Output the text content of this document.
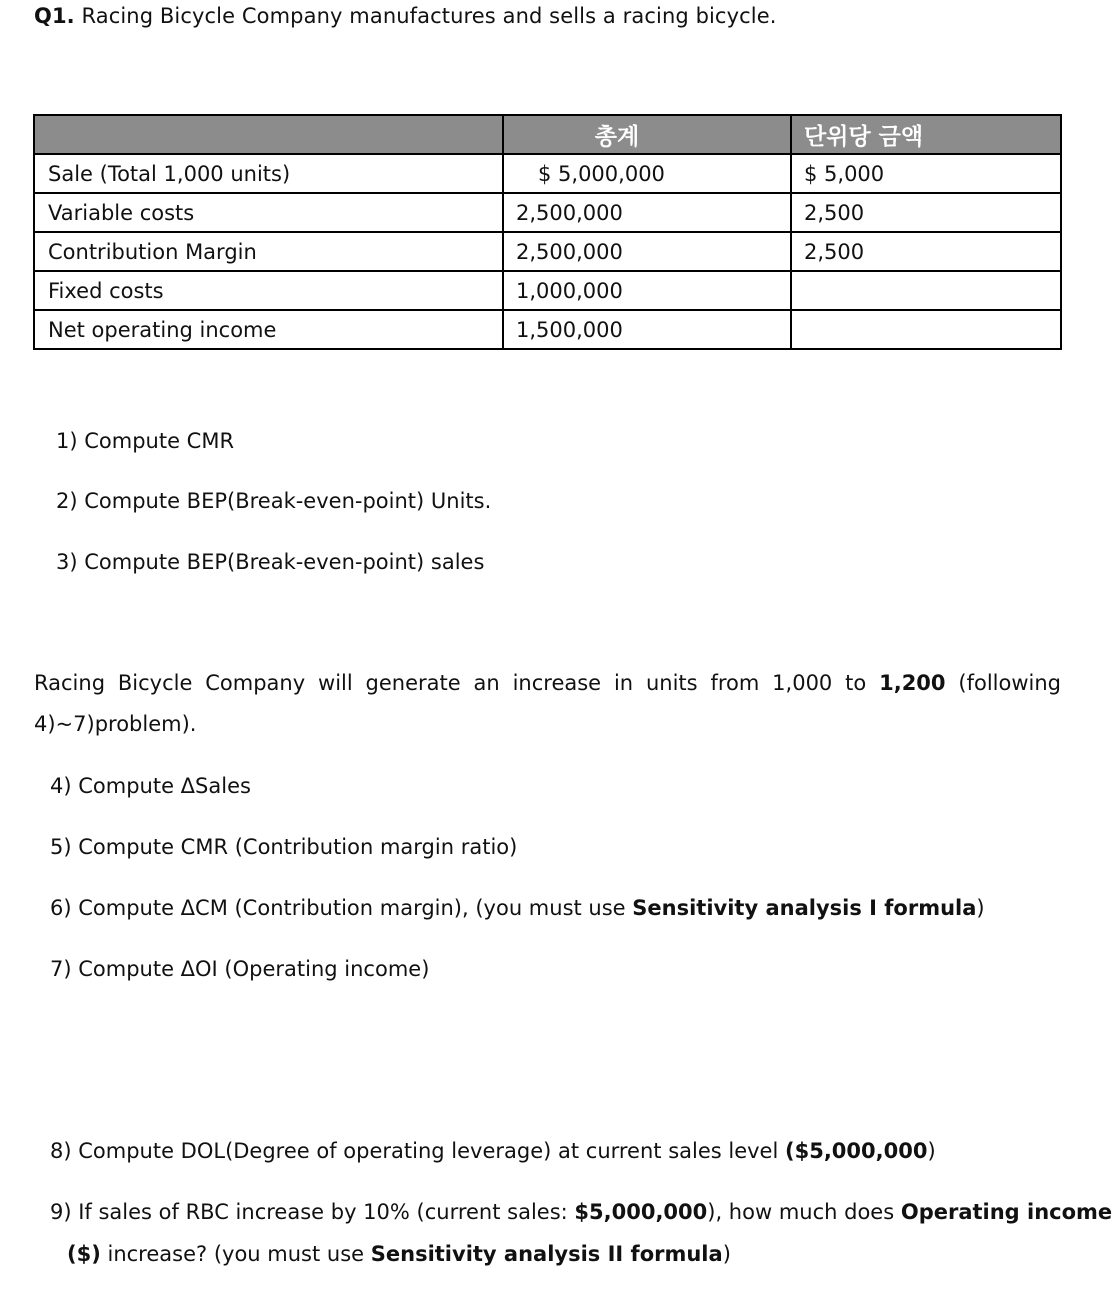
Q1. Racing Bicycle Company manufactures and sells a racing bicycle.
	총계	단위당 금액
Sale (Total 1,000 units)	$ 5,000,000	$ 5,000
Variable costs	2,500,000	2,500
Contribution Margin	2,500,000	2,500
Fixed costs	1,000,000	
Net operating income	1,500,000	
1) Compute CMR
2) Compute BEP(Break-even-point) Units.
3) Compute BEP(Break-even-point) sales
Racing Bicycle Company will generate an increase in units from 1,000 to 1,200 (following
4)~7)problem).
4) Compute ΔSales
5) Compute CMR (Contribution margin ratio)
6) Compute ΔCM (Contribution margin), (you must use Sensitivity analysis I formula)
7) Compute ΔOI (Operating income)
8) Compute DOL(Degree of operating leverage) at current sales level ($5,000,000)
9) If sales of RBC increase by 10% (current sales: $5,000,000), how much does Operating income
($) increase? (you must use Sensitivity analysis II formula)
